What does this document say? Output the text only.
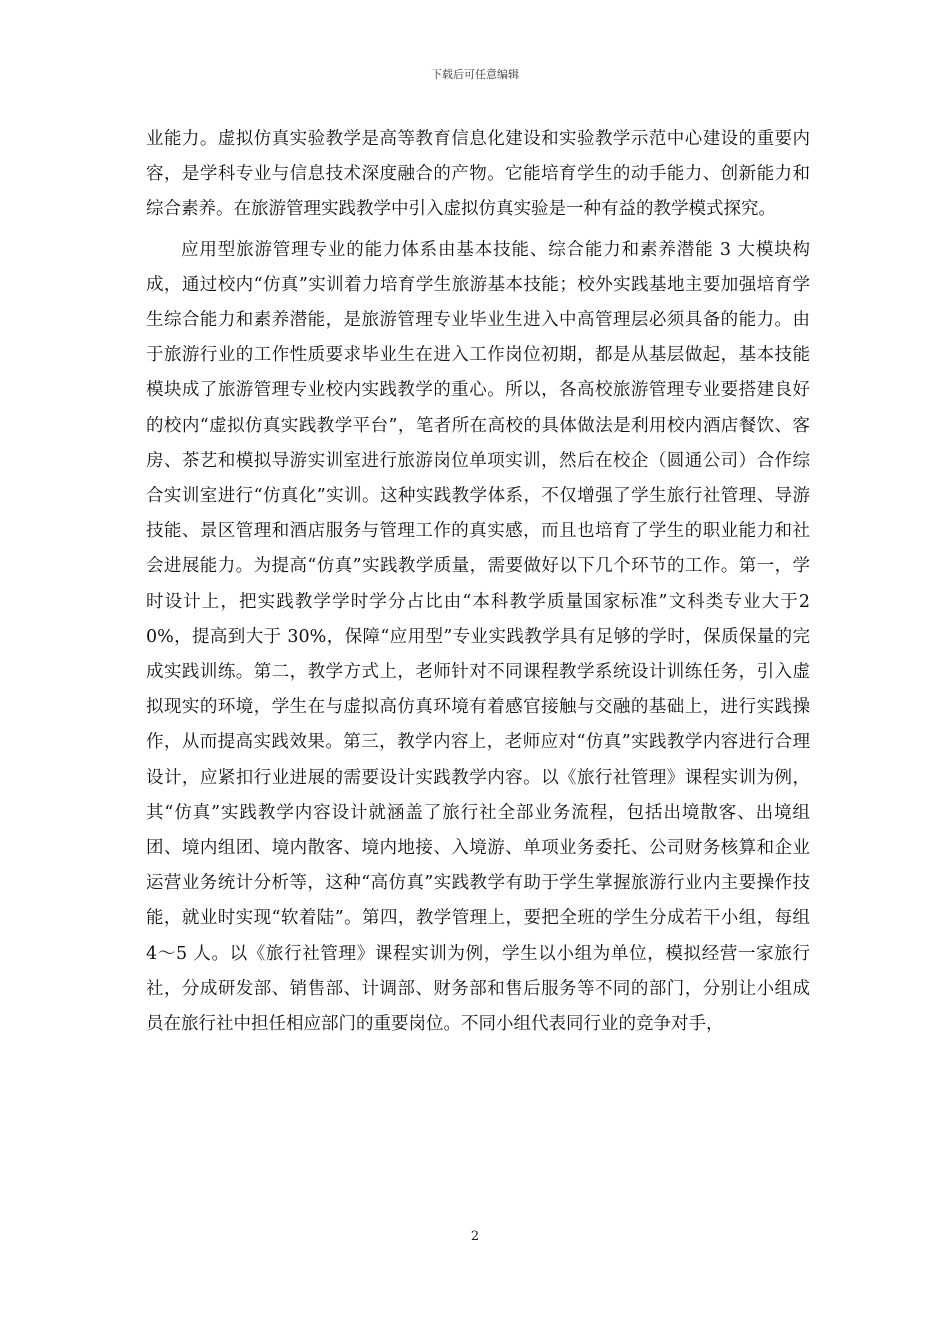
下载后可任意编辑

业能力。虚拟仿真实验教学是高等教育信息化建设和实验教学示范中心建设的重要内容，是学科专业与信息技术深度融合的产物。它能培育学生的动手能力、创新能力和综合素养。在旅游管理实践教学中引入虚拟仿真实验是一种有益的教学模式探究。

应用型旅游管理专业的能力体系由基本技能、综合能力和素养潜能 3 大模块构成，通过校内“仿真”实训着力培育学生旅游基本技能；校外实践基地主要加强培育学生综合能力和素养潜能，是旅游管理专业毕业生进入中高管理层必须具备的能力。由于旅游行业的工作性质要求毕业生在进入工作岗位初期，都是从基层做起，基本技能模块成了旅游管理专业校内实践教学的重心。所以，各高校旅游管理专业要搭建良好的校内“虚拟仿真实践教学平台”，笔者所在高校的具体做法是利用校内酒店餐饮、客房、茶艺和模拟导游实训室进行旅游岗位单项实训，然后在校企（圆通公司）合作综合实训室进行“仿真化”实训。这种实践教学体系，不仅增强了学生旅行社管理、导游技能、景区管理和酒店服务与管理工作的真实感，而且也培育了学生的职业能力和社会进展能力。为提高“仿真”实践教学质量，需要做好以下几个环节的工作。第一，学时设计上，把实践教学学时学分占比由“本科教学质量国家标准”文科类专业大于20%，提高到大于 30%，保障“应用型”专业实践教学具有足够的学时，保质保量的完成实践训练。第二，教学方式上，老师针对不同课程教学系统设计训练任务，引入虚拟现实的环境，学生在与虚拟高仿真环境有着感官接触与交融的基础上，进行实践操作，从而提高实践效果。第三，教学内容上，老师应对“仿真”实践教学内容进行合理设计，应紧扣行业进展的需要设计实践教学内容。以《旅行社管理》课程实训为例，其“仿真”实践教学内容设计就涵盖了旅行社全部业务流程，包括出境散客、出境组团、境内组团、境内散客、境内地接、入境游、单项业务委托、公司财务核算和企业运营业务统计分析等，这种“高仿真”实践教学有助于学生掌握旅游行业内主要操作技能，就业时实现“软着陆”。第四，教学管理上，要把全班的学生分成若干小组，每组 4～5 人。以《旅行社管理》课程实训为例，学生以小组为单位，模拟经营一家旅行社，分成研发部、销售部、计调部、财务部和售后服务等不同的部门，分别让小组成员在旅行社中担任相应部门的重要岗位。不同小组代表同行业的竞争对手，

2
